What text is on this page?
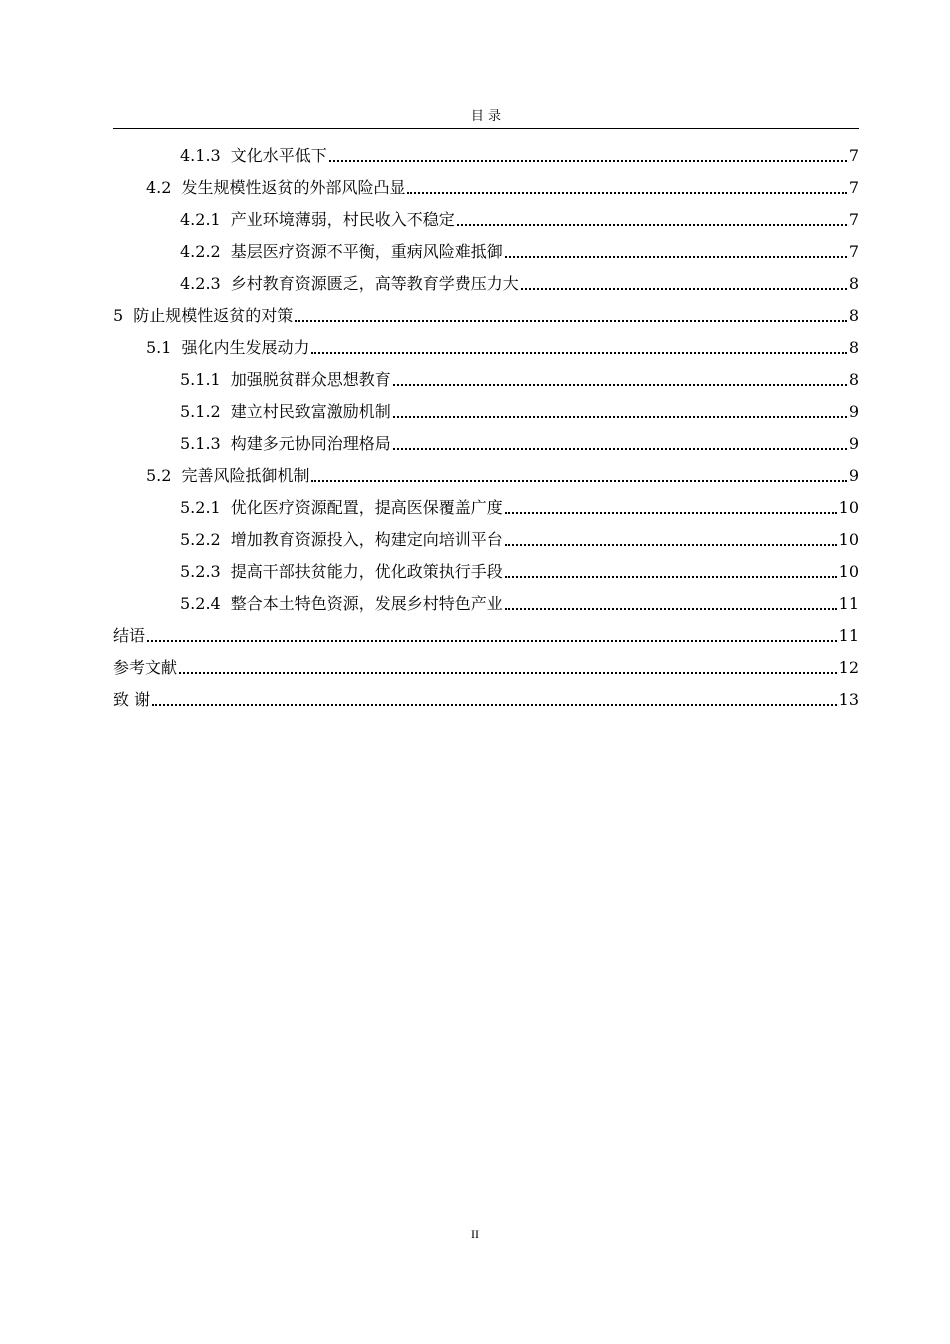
目 录
4.1.3 文化水平低下	7
4.2 发生规模性返贫的外部风险凸显	7
4.2.1 产业环境薄弱，村民收入不稳定	7
4.2.2 基层医疗资源不平衡，重病风险难抵御	7
4.2.3 乡村教育资源匮乏，高等教育学费压力大	8
5 防止规模性返贫的对策	8
5.1 强化内生发展动力	8
5.1.1 加强脱贫群众思想教育	8
5.1.2 建立村民致富激励机制	9
5.1.3 构建多元协同治理格局	9
5.2 完善风险抵御机制	9
5.2.1 优化医疗资源配置，提高医保覆盖广度	10
5.2.2 增加教育资源投入，构建定向培训平台	10
5.2.3 提高干部扶贫能力，优化政策执行手段	10
5.2.4 整合本土特色资源，发展乡村特色产业	11
结语	11
参考文献	12
致 谢	13
II
